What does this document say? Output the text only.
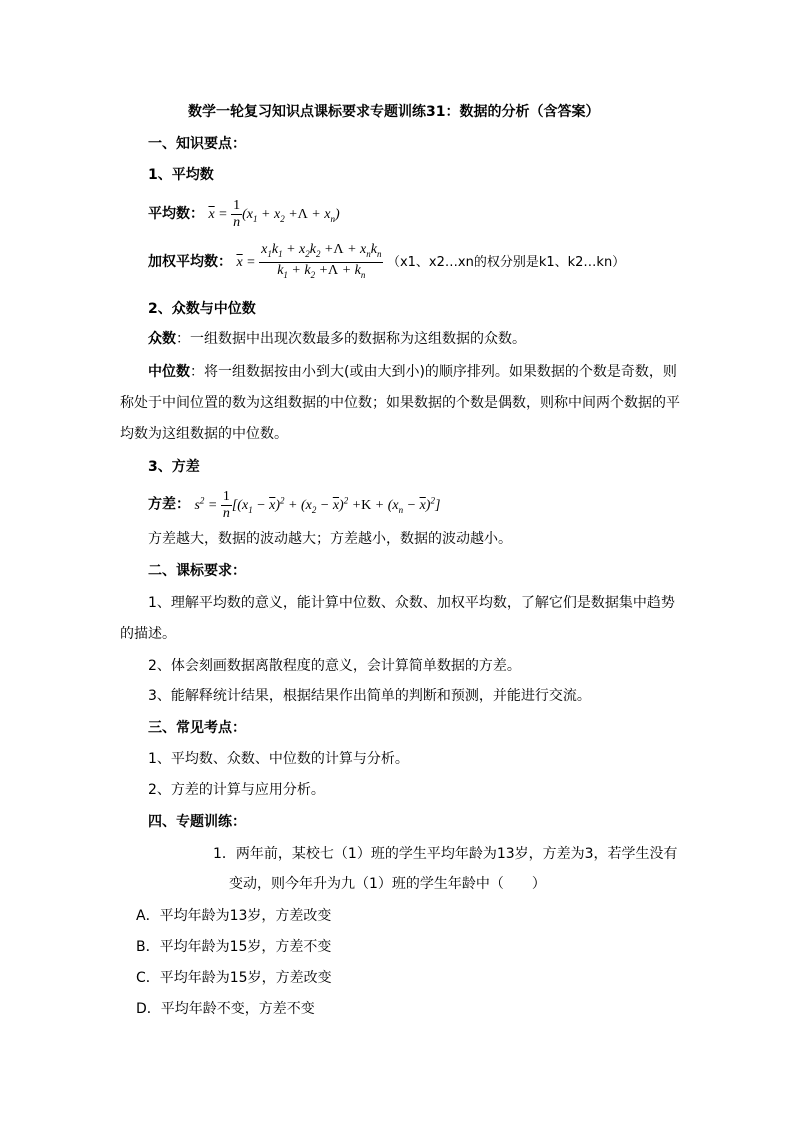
数学一轮复习知识点课标要求专题训练31：数据的分析（含答案）
一、知识要点：
1、平均数
平均数： $\overline{x} = \frac{1}{n} (x_1 + x_2 +\Lambda + x_n)$
加权平均数： $\overline{x} = \frac{x_1k_1 + x_2k_2 +\Lambda + x_nk_n}{k_1 + k_2 +\Lambda + k_n} (x1$、x2…xn的权分别是k1、k2…kn）
2、众数与中位数
众数：一组数据中出现次数最多的数据称为这组数据的众数。
中位数：将一组数据按由小到大(或由大到小)的顺序排列。如果数据的个数是奇数，则
称处于中间位置的数为这组数据的中位数；如果数据的个数是偶数，则称中间两个数据的平
均数为这组数据的中位数。
3、方差
方差： $s^2 = \frac{1}{n} [(x_1 - \overline{x})^2 + (x_2 - \overline{x})^2 +K + (x_n - \overline{x})^2]$
方差越大，数据的波动越大；方差越小，数据的波动越小。
二、课标要求：
1、理解平均数的意义，能计算中位数、众数、加权平均数，了解它们是数据集中趋势
的描述。
2、体会刻画数据离散程度的意义，会计算简单数据的方差。
3、能解释统计结果，根据结果作出简单的判断和预测，并能进行交流。
三、常见考点：
1、平均数、众数、中位数的计算与分析。
2、方差的计算与应用分析。
四、专题训练：
1．两年前，某校七（1）班的学生平均年龄为13岁，方差为3，若学生没有
变动，则今年升为九（1）班的学生年龄中（　　）
A．平均年龄为13岁，方差改变
B．平均年龄为15岁，方差不变
C．平均年龄为15岁，方差改变
D．平均年龄不变，方差不变
